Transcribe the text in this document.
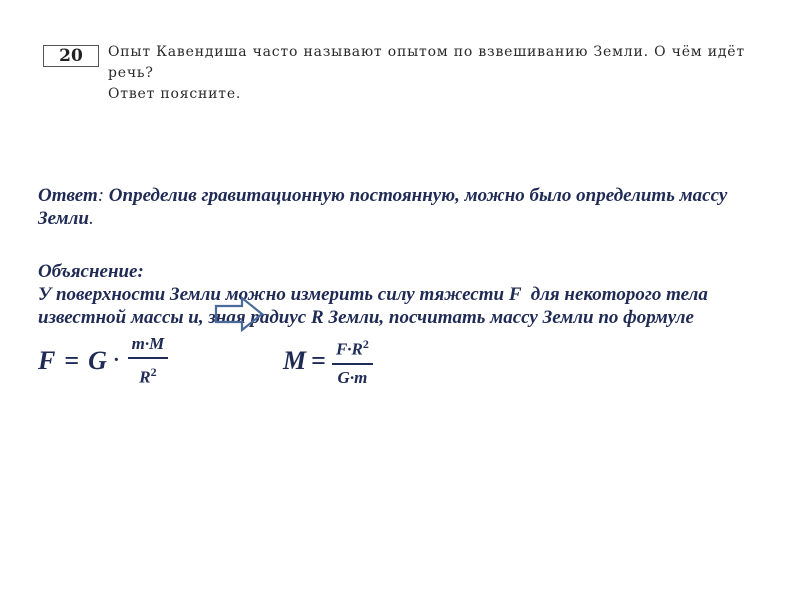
20	Опыт Кавендиша часто называют опытом по взвешиванию Земли. О чём идёт речь?
Ответ поясните.
Ответ: Определив гравитационную постоянную, можно было определить массу Земли.
Объяснение:
У поверхности Земли можно измерить силу тяжести F  для некоторого тела
известной массы и, зная радиус R Земли, посчитать массу Земли по формуле
$F = G \cdot \frac{m\cdot M}{R^2}$	$M = \frac{F\cdot R^2}{G\cdot m}$
